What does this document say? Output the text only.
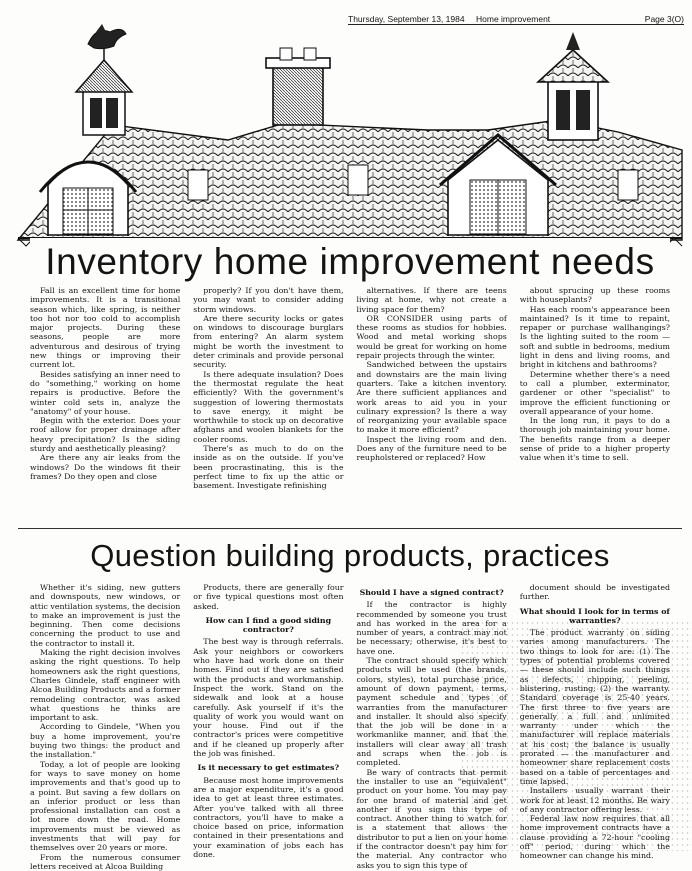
Thursday, September 13, 1984	Home improvement	Page 3(O)
Inventory home improvement needs

Fall is an excellent time for home improvements. It is a transitional season which, like spring, is neither too hot nor too cold to accomplish major projects. During these seasons, people are more adventurous and desirous of trying new things or improving their current lot.

Besides satisfying an inner need to do "something," working on home repairs is productive. Before the winter cold sets in, analyze the "anatomy" of your house.

Begin with the exterior. Does your roof allow for proper drainage after heavy precipitation? Is the siding sturdy and aesthetically pleasing?

Are there any air leaks from the windows? Do the windows fit their frames? Do they open and close

properly? If you don't have them, you may want to consider adding storm windows.

Are there security locks or gates on windows to discourage burglars from entering? An alarm system might be worth the investment to deter criminals and provide personal security.

Is there adequate insulation? Does the thermostat regulate the heat efficiently? With the government's suggestion of lowering thermostats to save energy, it might be worthwhile to stock up on decorative afghans and woolen blankets for the cooler rooms.

There's as much to do on the inside as on the outside. If you've been procrastinating, this is the perfect time to fix up the attic or basement. Investigate refinishing

alternatives. If there are teens living at home, why not create a living space for them?

OR CONSIDER using parts of these rooms as studios for hobbies. Wood and metal working shops would be great for working on home repair projects through the winter.

Sandwiched between the upstairs and downstairs are the main living quarters. Take a kitchen inventory. Are there sufficient appliances and work areas to aid you in your culinary expression? Is there a way of reorganizing your available space to make it more efficient?

Inspect the living room and den. Does any of the furniture need to be reupholstered or replaced? How

about sprucing up these rooms with houseplants?

Has each room's appearance been maintained? Is it time to repaint, repaper or purchase wallhangings? Is the lighting suited to the room — soft and subtle in bedrooms, medium light in dens and living rooms, and bright in kitchens and bathrooms?

Determine whether there's a need to call a plumber, exterminator, gardener or other "specialist" to improve the efficient functioning or overall appearance of your home.

In the long run, it pays to do a thorough job maintaining your home. The benefits range from a deeper sense of pride to a higher property value when it's time to sell.

Question building products, practices

Whether it's siding, new gutters and downspouts, new windows, or attic ventilation systems, the decision to make an improvement is just the beginning. Then come decisions concerning the product to use and the contractor to install it.

Making the right decision involves asking the right questions. To help homeowners ask the right questions, Charles Gindele, staff engineer with Alcoa Building Products and a former remodeling contractor, was asked what questions he thinks are important to ask.

According to Gindele, "When you buy a home improvement, you're buying two things: the product and the installation."

Today, a lot of people are looking for ways to save money on home improvements and that's good up to a point. But saving a few dollars on an inferior product or less than professional installation can cost a lot more down the road. Home improvements must be viewed as investments that will pay for themselves over 20 years or more.

From the numerous consumer letters received at Alcoa Building

Products, there are generally four or five typical questions most often asked.

How can I find a good siding contractor?

The best way is through referrals. Ask your neighbors or coworkers who have had work done on their homes. Find out if they are satisfied with the products and workmanship. Inspect the work. Stand on the sidewalk and look at a house carefully. Ask yourself if it's the quality of work you would want on your house. Find out if the contractor's prices were competitive and if he cleaned up properly after the job was finished.

Is it necessary to get estimates?

Because most home improvements are a major expenditure, it's a good idea to get at least three estimates. After you've talked with all three contractors, you'll have to make a choice based on price, information contained in their presentations and your examination of jobs each has done.

Should I have a signed contract?

If the contractor is highly recommended by someone you trust and has worked in the area for a number of years, a contract may not be necessary; otherwise, it's best to have one.

The contract should specify which products will be used (the brands, colors, styles), total purchase price, amount of down payment, terms, payment schedule and types of warranties from the manufacturer and installer. It should also specify that the job will be done in a workmanlike manner, and that the installers will clear away all trash and scraps when the job is completed.

Be wary of contracts that permit the installer to use an "equivalent" product on your home. You may pay for one brand of material and get another if you sign this type of contract. Another thing to watch for is a statement that allows the distributor to put a lien on your home if the contractor doesn't pay him for the material. Any contractor who asks you to sign this type of

document should be investigated further.

What should I look for in terms of warranties?

The product warranty on siding varies among manufacturers. The two things to look for are: (1) The types of potential problems covered — these should include such things as defects, chipping, peeling, blistering, rusting; (2) the warranty. Standard coverage is 25-40 years. The first three to five years are generally a full and unlimited warranty under which the manufacturer will replace materials at his cost; the balance is usually prorated — the manufacturer and homeowner share replacement costs based on a table of percentages and time lapsed.

Installers usually warrant their work for at least 12 months. Be wary of any contractor offering less.

Federal law now requires that all home improvement contracts have a clause providing a 72-hour "cooling off" period, during which the homeowner can change his mind.
